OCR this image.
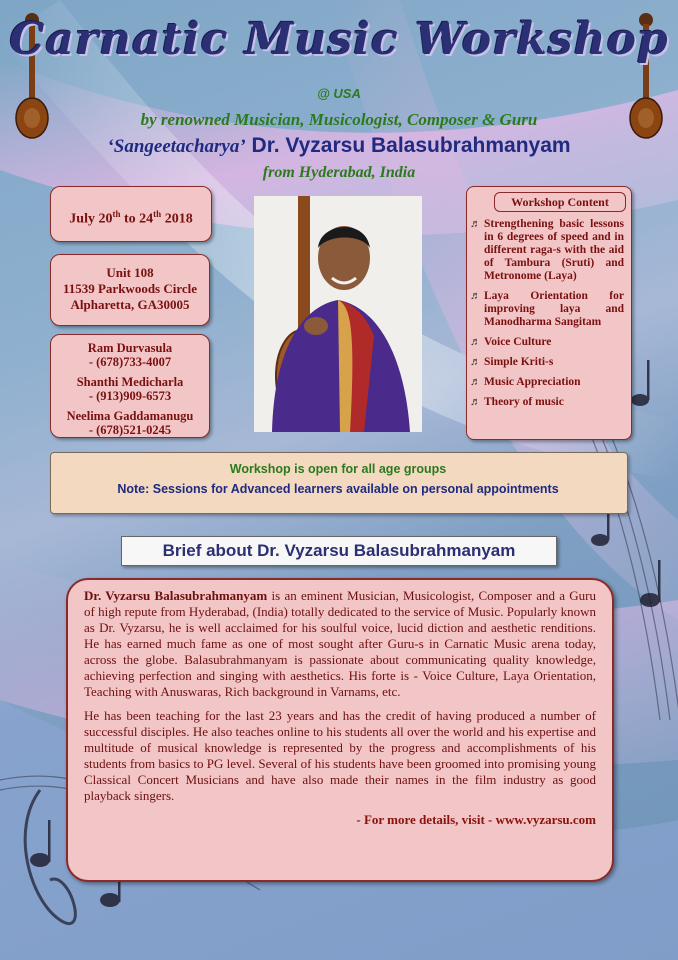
Carnatic Music Workshop
@ USA
by renowned Musician, Musicologist, Composer & Guru
‘Sangeetacharya’ Dr. Vyzarsu Balasubrahmanyam
from Hyderabad, India
July 20th to 24th 2018
Unit 108
11539 Parkwoods Circle
Alpharetta, GA30005
Ram Durvasula
- (678)733-4007
Shanthi Medicharla
- (913)909-6573
Neelima Gaddamanugu
- (678)521-0245
Workshop Content
♬ Strengthening basic lessons in 6 degrees of speed and in different raga-s with the aid of Tambura (Sruti) and Metronome (Laya)
♬ Laya Orientation for improving laya and Manodharma Sangitam
♬ Voice Culture
♬ Simple Kriti-s
♬ Music Appreciation
♬ Theory of music
Workshop is open for all age groups
Note: Sessions for Advanced learners available on personal appointments
Brief about Dr. Vyzarsu Balasubrahmanyam

Dr. Vyzarsu Balasubrahmanyam is an eminent Musician, Musicologist, Composer and a Guru of high repute from Hyderabad, (India) totally dedicated to the service of Music. Popularly known as Dr. Vyzarsu, he is well acclaimed for his soulful voice, lucid diction and aesthetic renditions. He has earned much fame as one of most sought after Guru-s in Carnatic Music arena today, across the globe. Balasubrahmanyam is passionate about communicating quality knowledge, achieving perfection and singing with aesthetics. His forte is - Voice Culture, Laya Orientation, Teaching with Anuswaras, Rich background in Varnams, etc.

He has been teaching for the last 23 years and has the credit of having produced a number of successful disciples. He also teaches online to his students all over the world and his expertise and multitude of musical knowledge is represented by the progress and accomplishments of his students from basics to PG level. Several of his students have been groomed into promising young Classical Concert Musicians and have also made their names in the film industry as good playback singers.

- For more details, visit - www.vyzarsu.com
